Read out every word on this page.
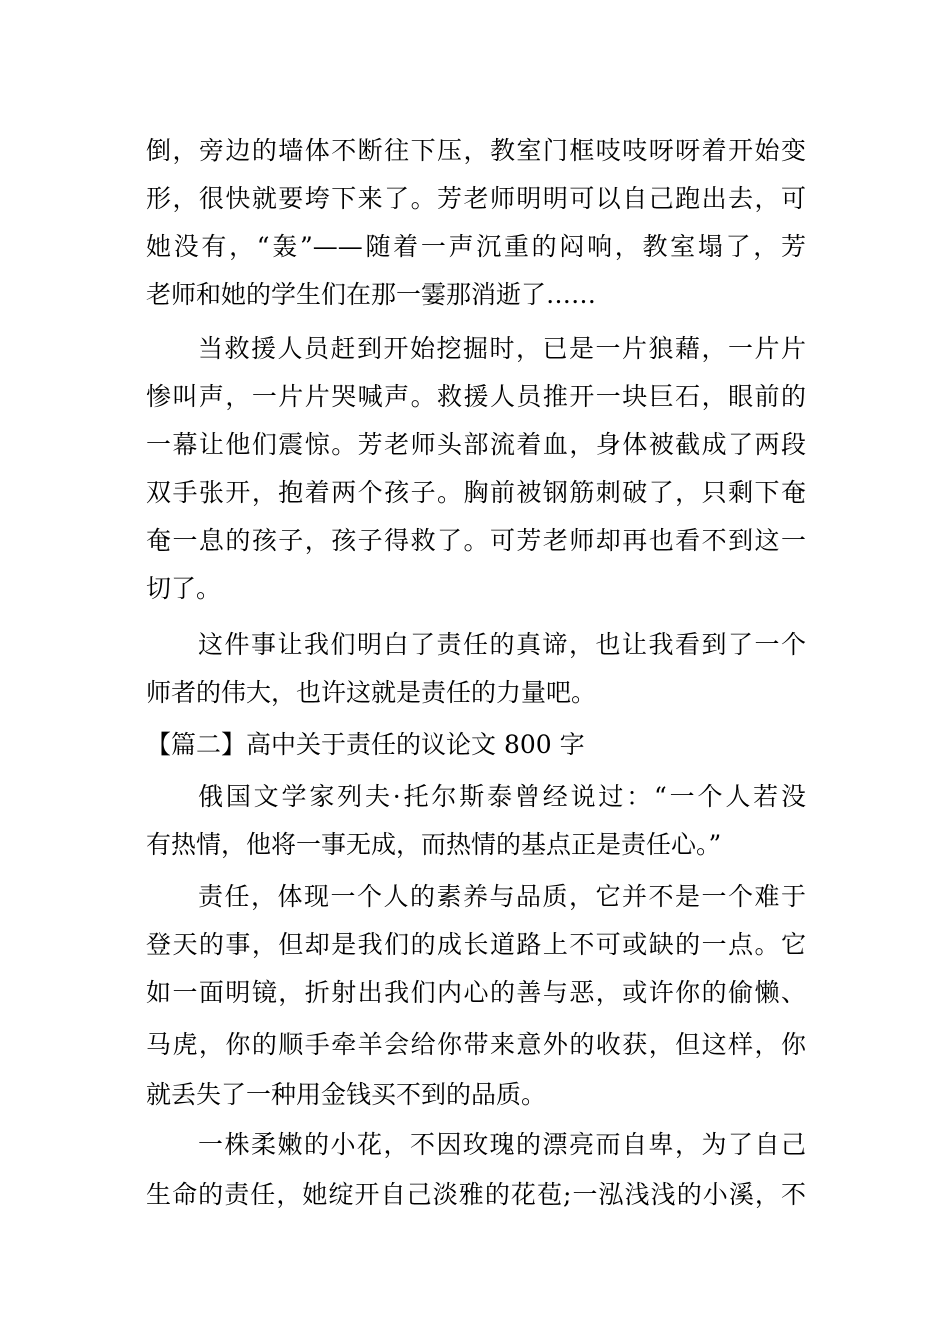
倒，旁边的墙体不断往下压，教室门框吱吱呀呀着开始变
形，很快就要垮下来了。芳老师明明可以自己跑出去，可
她没有，“轰”——随着一声沉重的闷响，教室塌了，芳
老师和她的学生们在那一霎那消逝了……
当救援人员赶到开始挖掘时，已是一片狼藉，一片片
惨叫声，一片片哭喊声。救援人员推开一块巨石，眼前的
一幕让他们震惊。芳老师头部流着血，身体被截成了两段
双手张开，抱着两个孩子。胸前被钢筋刺破了，只剩下奄
奄一息的孩子，孩子得救了。可芳老师却再也看不到这一
切了。
这件事让我们明白了责任的真谛，也让我看到了一个
师者的伟大，也许这就是责任的力量吧。
【篇二】高中关于责任的议论文 800 字
俄国文学家列夫·托尔斯泰曾经说过：“一个人若没
有热情，他将一事无成，而热情的基点正是责任心。”
责任，体现一个人的素养与品质，它并不是一个难于
登天的事，但却是我们的成长道路上不可或缺的一点。它
如一面明镜，折射出我们内心的善与恶，或许你的偷懒、
马虎，你的顺手牵羊会给你带来意外的收获，但这样，你
就丢失了一种用金钱买不到的品质。
一株柔嫩的小花，不因玫瑰的漂亮而自卑，为了自己
生命的责任，她绽开自己淡雅的花苞;一泓浅浅的小溪，不
